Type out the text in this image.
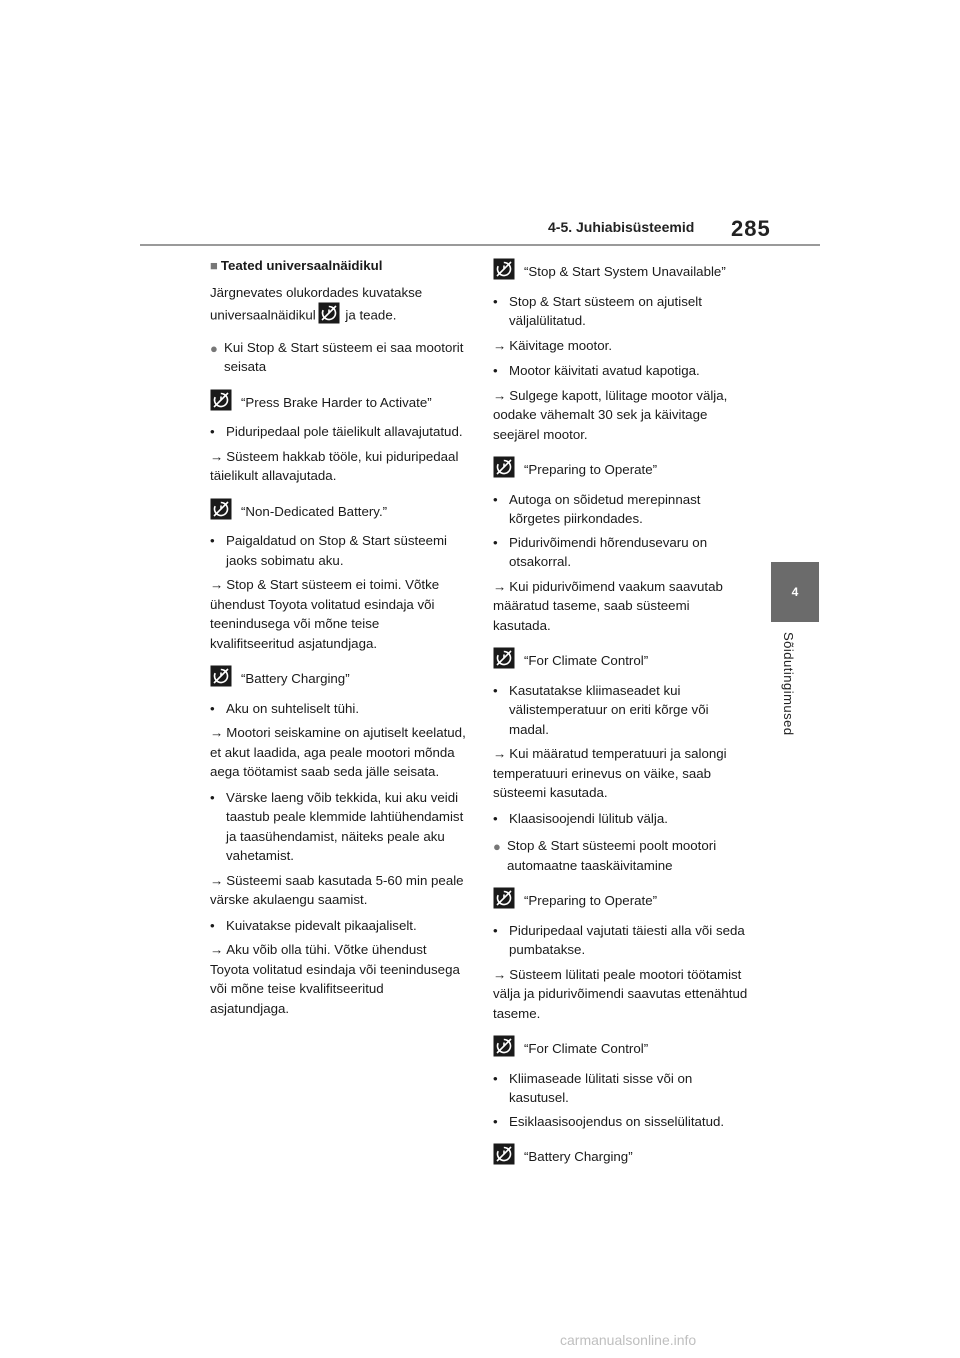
4-5. Juhiabisüsteemid 285
4
Sõidutingimused
■ Teated universaalnäidikul
Järgnevates olukordades kuvatakse universaalnäidikul ja teade.
● Kui Stop & Start süsteem ei saa mootorit seisata
“Press Brake Harder to Activate”
• Piduripedaal pole täielikult allavajutatud.
→ Süsteem hakkab tööle, kui piduripedaal täielikult allavajutada.
“Non-Dedicated Battery.”
• Paigaldatud on Stop & Start süsteemi jaoks sobimatu aku.
→ Stop & Start süsteem ei toimi. Võtke ühendust Toyota volitatud esindaja või teenindusega või mõne teise kvalifitseeritud asjatundjaga.
“Battery Charging”
• Aku on suhteliselt tühi.
→ Mootori seiskamine on ajutiselt keelatud, et akut laadida, aga peale mootori mõnda aega töötamist saab seda jälle seisata.
• Värske laeng võib tekkida, kui aku veidi taastub peale klemmide lahtiühendamist ja taasühendamist, näiteks peale aku vahetamist.
→ Süsteemi saab kasutada 5-60 min peale värske akulaengu saamist.
• Kuivatakse pidevalt pikaajaliselt.
→ Aku võib olla tühi. Võtke ühendust Toyota volitatud esindaja või teenindusega või mõne teise kvalifitseeritud asjatundjaga.
“Stop & Start System Unavailable”
• Stop & Start süsteem on ajutiselt väljalülitatud.
→ Käivitage mootor.
• Mootor käivitati avatud kapotiga.
→ Sulgege kapott, lülitage mootor välja, oodake vähemalt 30 sek ja käivitage seejärel mootor.
“Preparing to Operate”
• Autoga on sõidetud merepinnast kõrgetes piirkondades.
• Pidurivõimendi hõrendusevaru on otsakorral.
→ Kui pidurivõimend vaakum saavutab määratud taseme, saab süsteemi kasutada.
“For Climate Control”
• Kasutatakse kliimaseadet kui välistemperatuur on eriti kõrge või madal.
→ Kui määratud temperatuuri ja salongi temperatuuri erinevus on väike, saab süsteemi kasutada.
• Klaasisoojendi lülitub välja.
● Stop & Start süsteemi poolt mootori automaatne taaskäivitamine
“Preparing to Operate”
• Piduripedaal vajutati täiesti alla või seda pumbatakse.
→ Süsteem lülitati peale mootori töötamist välja ja pidurivõimendi saavutas ettenähtud taseme.
“For Climate Control”
• Kliimaseade lülitati sisse või on kasutusel.
• Esiklaasisoojendus on sisselülitatud.
“Battery Charging”
carmanualsonline.info
